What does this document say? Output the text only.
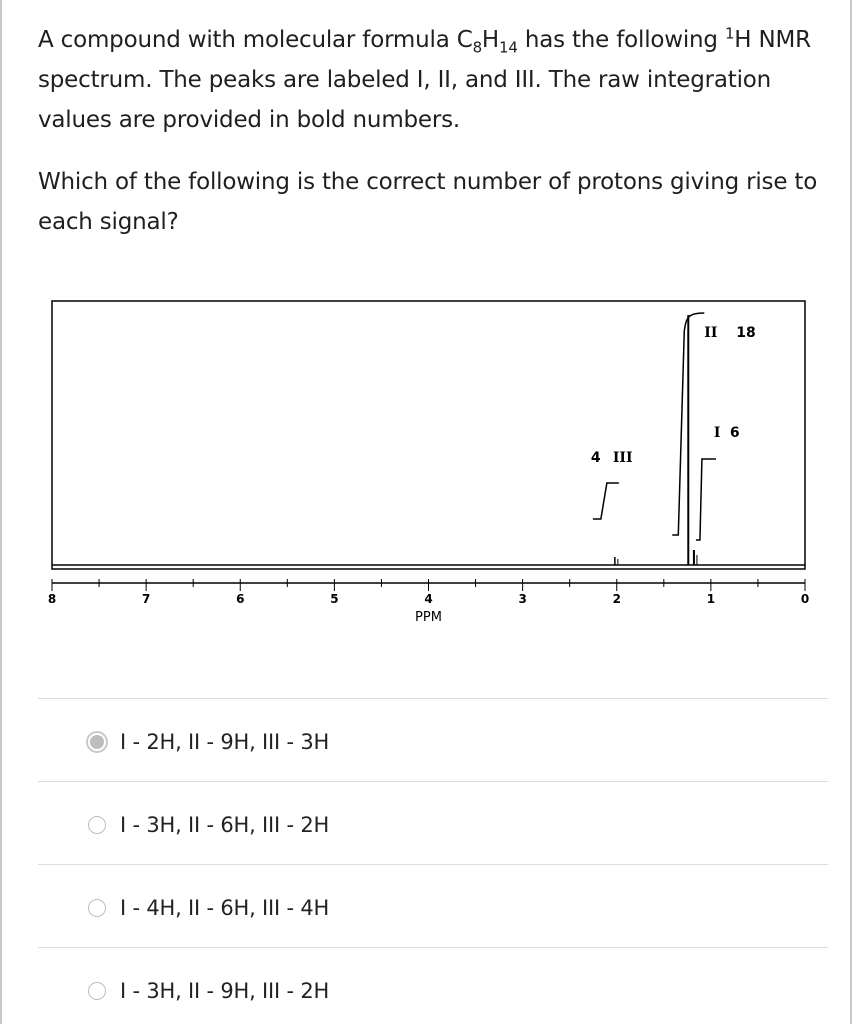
A compound with molecular formula $C_8H_{14}$ has the following $^1$H NMR spectrum. The peaks are labeled I, II, and III. The raw integration values are provided in bold numbers.

Which of the following is the correct number of protons giving rise to each signal?

8	7	6	5	4	3	2	1	0
PPM
II 18
I 6
4 III
I - 2H, II - 9H, III - 3H
I - 3H, II - 6H, III - 2H
I - 4H, II - 6H, III - 4H
I - 3H, II - 9H, III - 2H
